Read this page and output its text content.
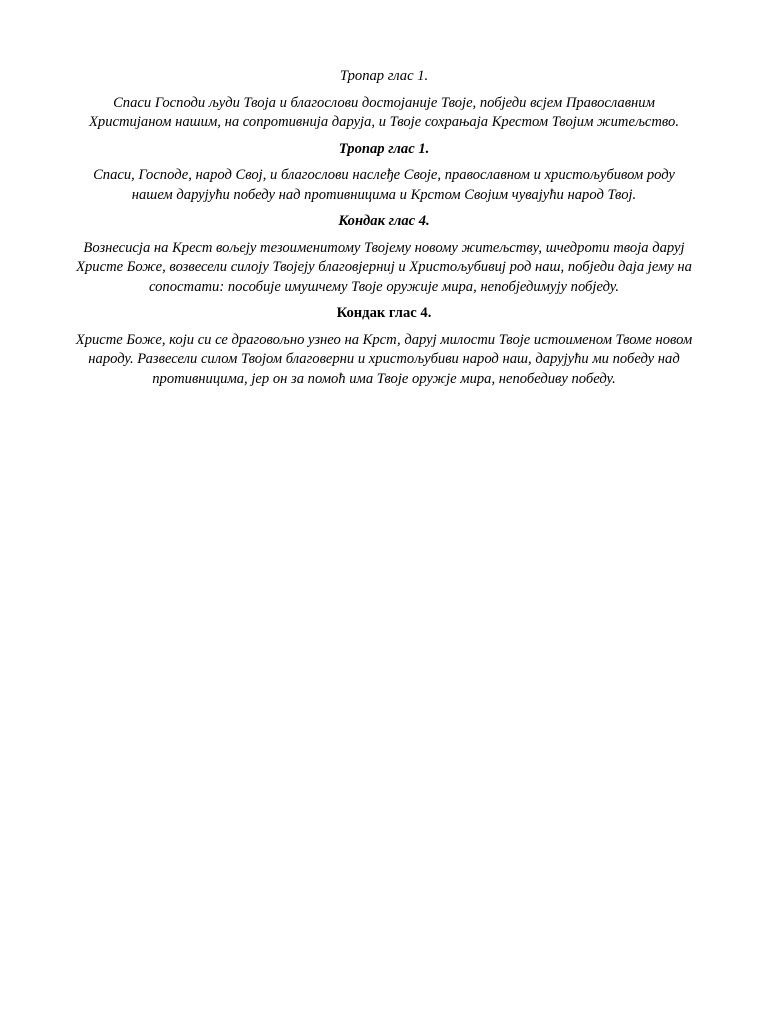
Тропар глас 1.

Спаси Господи људи Твоја и благослови достојаније Твоје, побједи всјем Православним Христијаном нашим, на сопротивнија даруја, и Твоје сохрањаја Крестом Твојим житељство.

Тропар глас 1.

Спаси, Господе, народ Свој, и благослови наслеђе Своје, православном и христољубивом роду нашем дарујући победу над противницима и Крстом Својим чувајући народ Твој.

Кондак глас 4.

Вознесисја на Крест вољеју тезоименитому Твојему новому житељству, шчедроти твоја даруј Христе Боже, возвесели силоју Твојеју благовјерниј и Христољубивиј род наш, побједи даја јему на сопостати: пособије имушчему Твоје оружије мира, непобједимују побједу.

Кондак глас 4.

Христе Боже, који си се драговољно узнео на Крст, даруј милости Твоје истоименом Твоме новом народу. Развесели силом Твојом благоверни и христољубиви народ наш, дарујући ми победу над противницима, јер он за помоћ има Твоје оружје мира, непобедиву победу.
